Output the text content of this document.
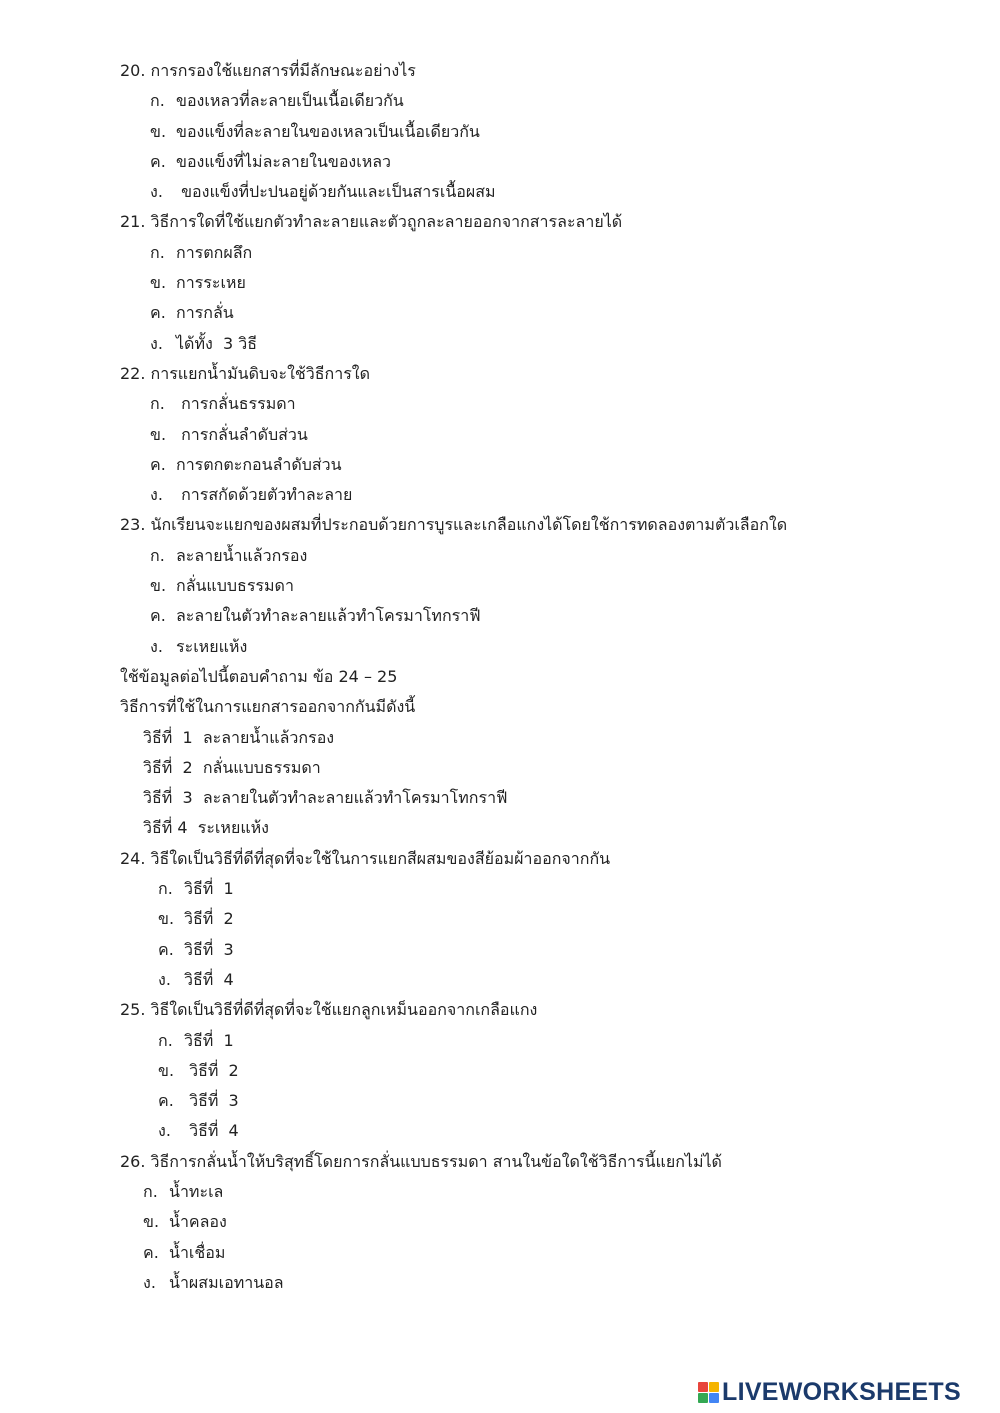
20. การกรองใช้แยกสารที่มีลักษณะอย่างไร
ก. ของเหลวที่ละลายเป็นเนื้อเดียวกัน
ข. ของแข็งที่ละลายในของเหลวเป็นเนื้อเดียวกัน
ค. ของแข็งที่ไม่ละลายในของเหลว
ง. ของแข็งที่ปะปนอยู่ด้วยกันและเป็นสารเนื้อผสม
21. วิธีการใดที่ใช้แยกตัวทำละลายและตัวถูกละลายออกจากสารละลายได้
ก. การตกผลึก
ข. การระเหย
ค. การกลั่น
ง. ได้ทั้ง  3 วิธี
22. การแยกน้ำมันดิบจะใช้วิธีการใด
ก. การกลั่นธรรมดา
ข. การกลั่นลำดับส่วน
ค. การตกตะกอนลำดับส่วน
ง. การสกัดด้วยตัวทำละลาย
23. นักเรียนจะแยกของผสมที่ประกอบด้วยการบูรและเกลือแกงได้โดยใช้การทดลองตามตัวเลือกใด
ก. ละลายน้ำแล้วกรอง
ข. กลั่นแบบธรรมดา
ค. ละลายในตัวทำละลายแล้วทำโครมาโทกราฟี
ง. ระเหยแห้ง
ใช้ข้อมูลต่อไปนี้ตอบคำถาม ข้อ 24 – 25
วิธีการที่ใช้ในการแยกสารออกจากกันมีดังนี้
วิธีที่  1  ละลายน้ำแล้วกรอง
วิธีที่  2  กลั่นแบบธรรมดา
วิธีที่  3  ละลายในตัวทำละลายแล้วทำโครมาโทกราฟี
วิธีที่ 4  ระเหยแห้ง
24. วิธีใดเป็นวิธีที่ดีที่สุดที่จะใช้ในการแยกสีผสมของสีย้อมผ้าออกจากกัน
ก. วิธีที่  1
ข. วิธีที่  2
ค. วิธีที่  3
ง. วิธีที่  4
25. วิธีใดเป็นวิธีที่ดีที่สุดที่จะใช้แยกลูกเหม็นออกจากเกลือแกง
ก. วิธีที่  1
ข. วิธีที่  2
ค. วิธีที่  3
ง. วิธีที่  4
26. วิธีการกลั่นน้ำให้บริสุทธิ์โดยการกลั่นแบบธรรมดา สานในข้อใดใช้วิธีการนี้แยกไม่ได้
ก. น้ำทะเล
ข. น้ำคลอง
ค. น้ำเชื่อม
ง. น้ำผสมเอทานอล
LIVEWORKSHEETS
